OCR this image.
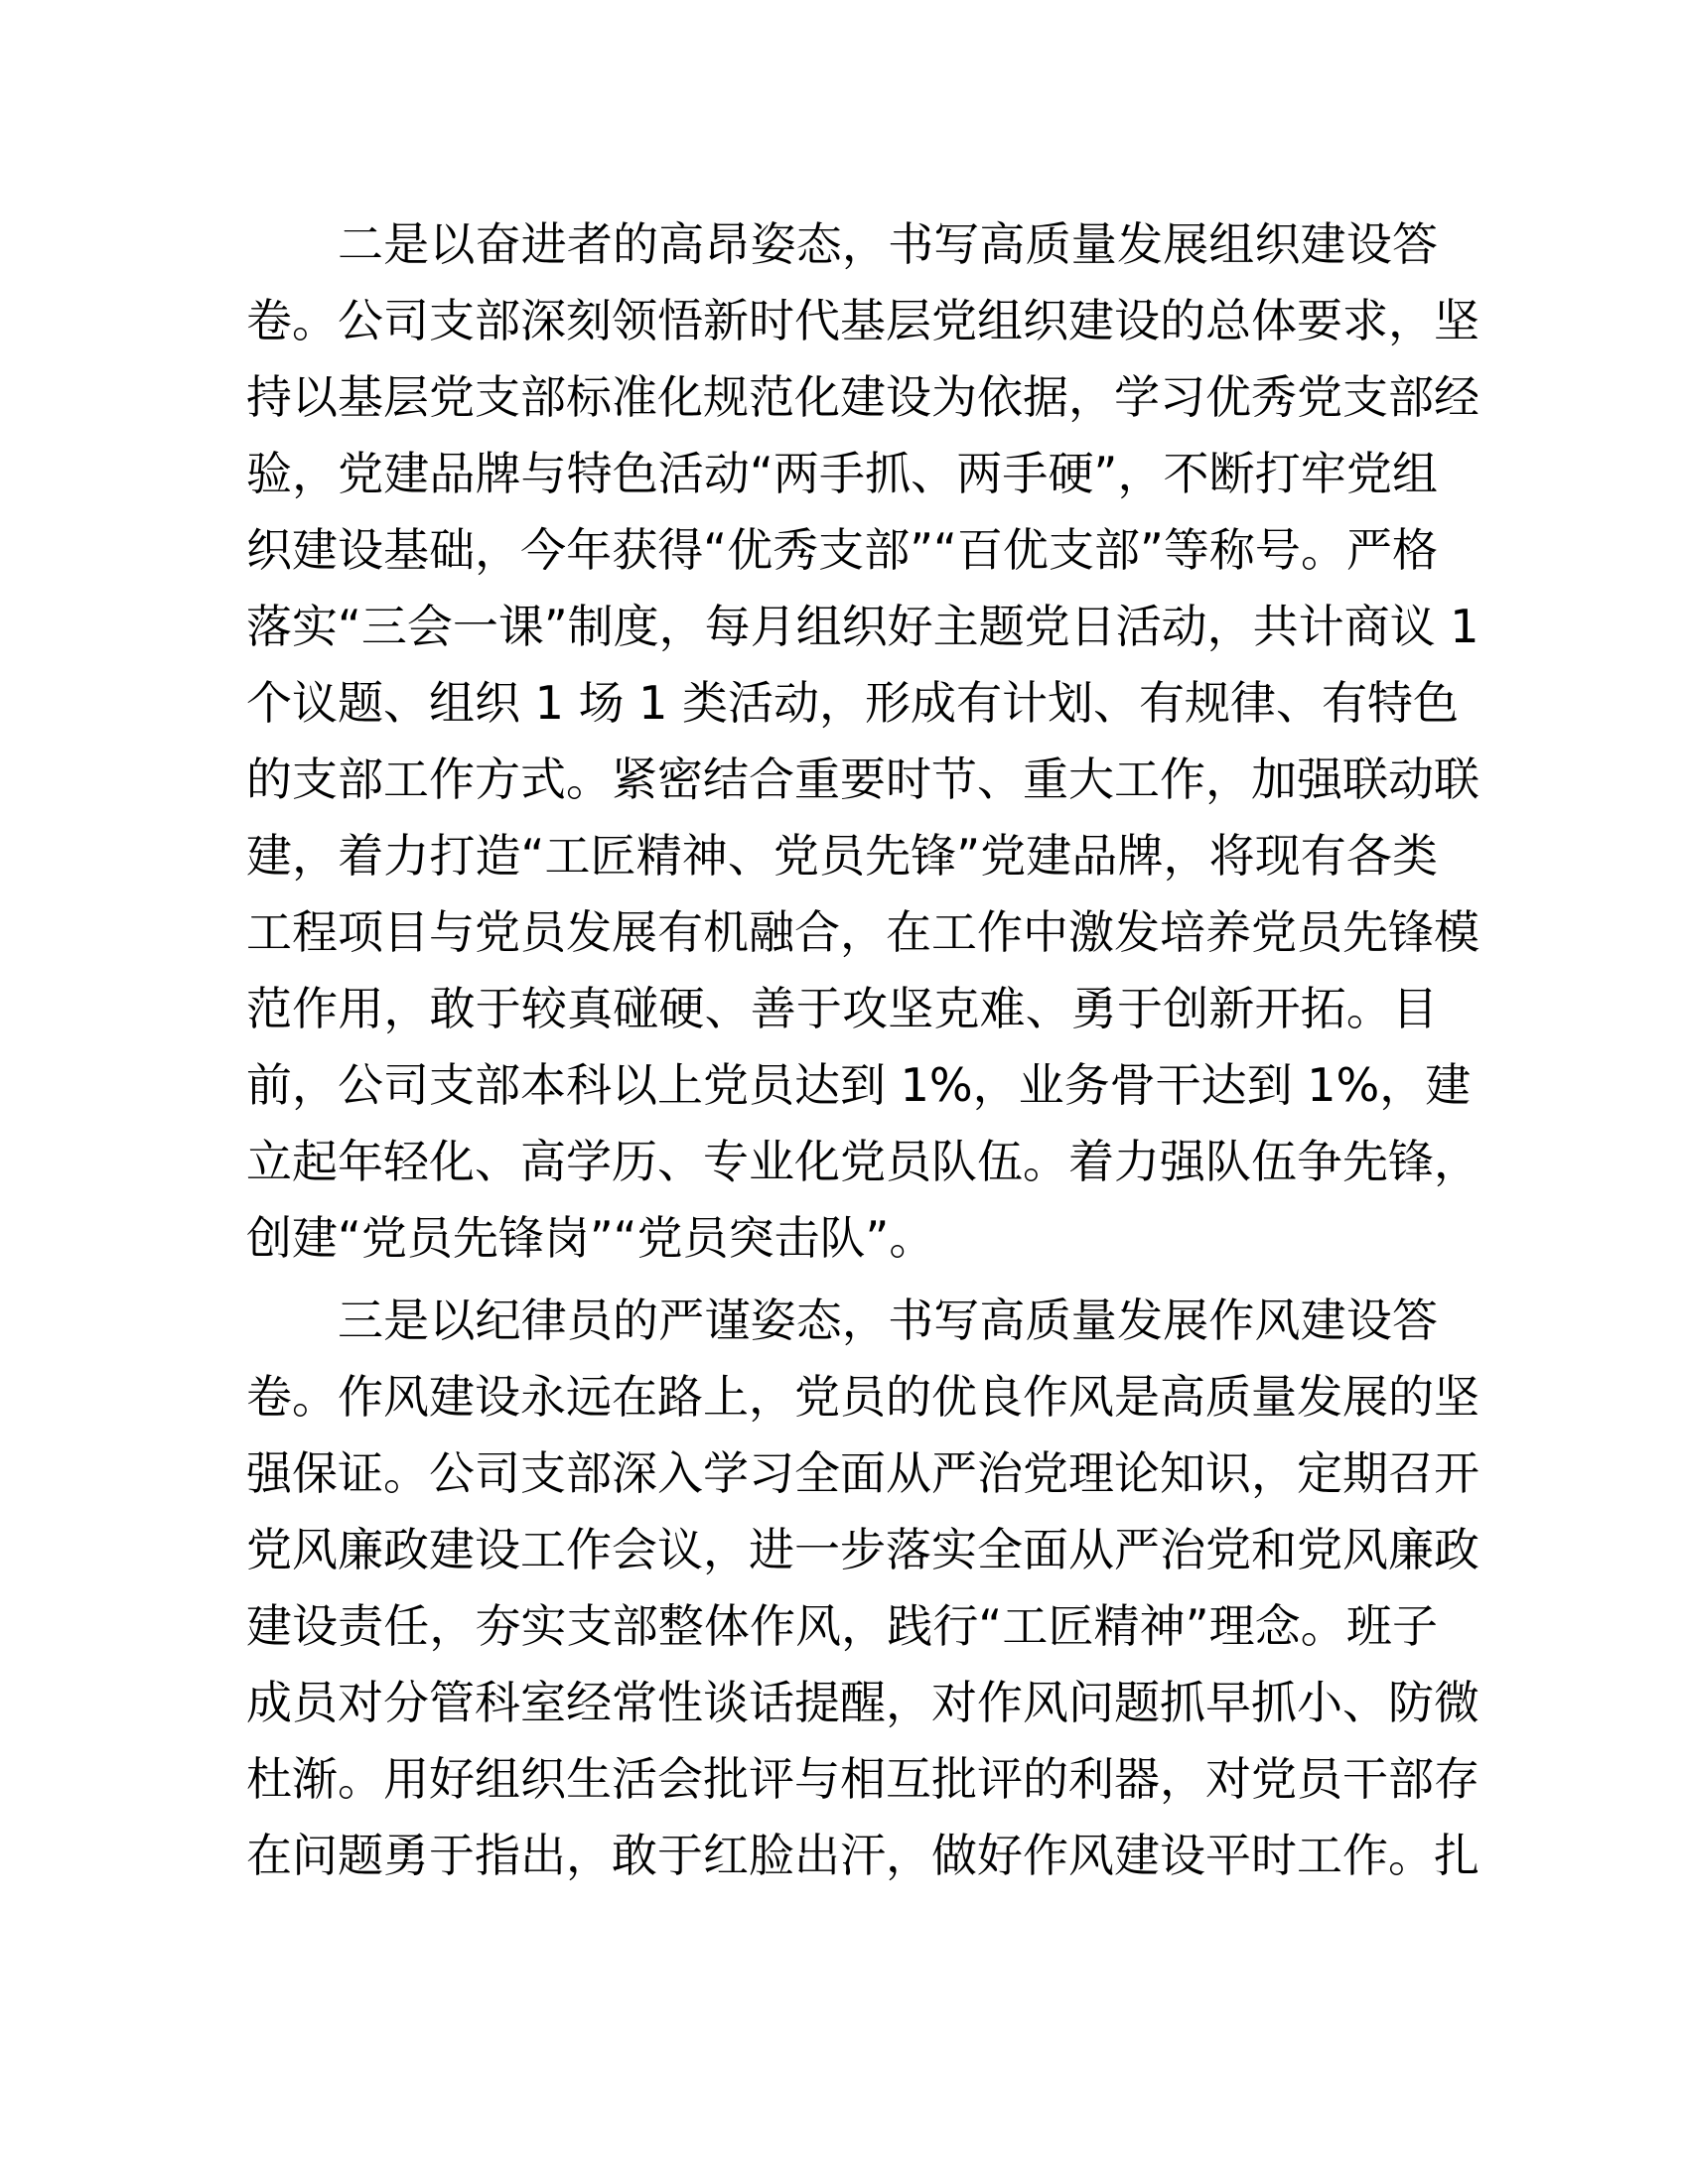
二是以奋进者的高昂姿态，书写高质量发展组织建设答
卷。公司支部深刻领悟新时代基层党组织建设的总体要求，坚
持以基层党支部标准化规范化建设为依据，学习优秀党支部经
验，党建品牌与特色活动“两手抓、两手硬”，不断打牢党组
织建设基础，今年获得“优秀支部”“百优支部”等称号。严格
落实“三会一课”制度，每月组织好主题党日活动，共计商议 1
个议题、组织 1 场 1 类活动，形成有计划、有规律、有特色
的支部工作方式。紧密结合重要时节、重大工作，加强联动联
建，着力打造“工匠精神、党员先锋”党建品牌，将现有各类
工程项目与党员发展有机融合，在工作中激发培养党员先锋模
范作用，敢于较真碰硬、善于攻坚克难、勇于创新开拓。目
前，公司支部本科以上党员达到 1%，业务骨干达到 1%，建
立起年轻化、高学历、专业化党员队伍。着力强队伍争先锋，
创建“党员先锋岗”“党员突击队”。
三是以纪律员的严谨姿态，书写高质量发展作风建设答
卷。作风建设永远在路上，党员的优良作风是高质量发展的坚
强保证。公司支部深入学习全面从严治党理论知识，定期召开
党风廉政建设工作会议，进一步落实全面从严治党和党风廉政
建设责任，夯实支部整体作风，践行“工匠精神”理念。班子
成员对分管科室经常性谈话提醒，对作风问题抓早抓小、防微
杜渐。用好组织生活会批评与相互批评的利器，对党员干部存
在问题勇于指出，敢于红脸出汗，做好作风建设平时工作。扎
